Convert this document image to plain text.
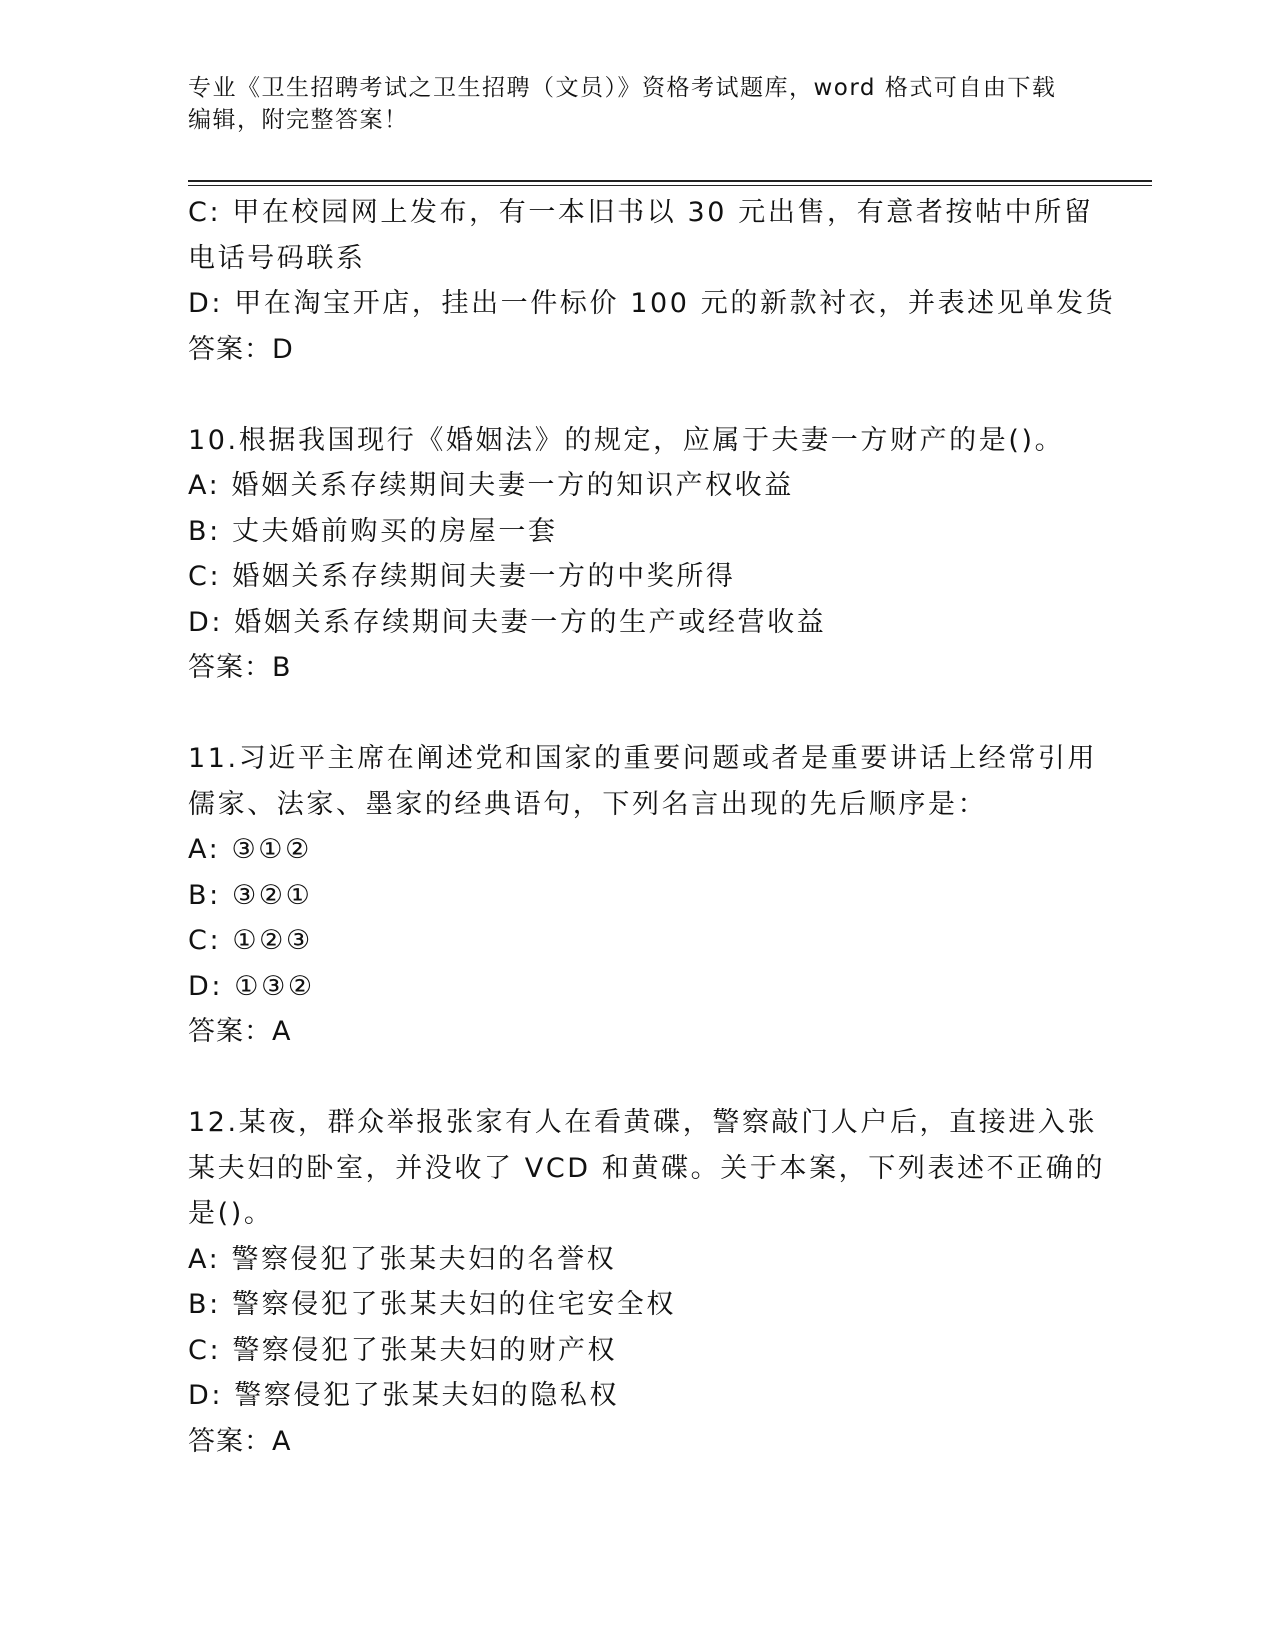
专业《卫生招聘考试之卫生招聘（文员）》资格考试题库，word 格式可自由下载
编辑，附完整答案！
C: 甲在校园网上发布，有一本旧书以 30 元出售，有意者按帖中所留
电话号码联系
D: 甲在淘宝开店，挂出一件标价 100 元的新款衬衣，并表述见单发货
答案：D
10.根据我国现行《婚姻法》的规定，应属于夫妻一方财产的是()。
A: 婚姻关系存续期间夫妻一方的知识产权收益
B: 丈夫婚前购买的房屋一套
C: 婚姻关系存续期间夫妻一方的中奖所得
D: 婚姻关系存续期间夫妻一方的生产或经营收益
答案：B
11.习近平主席在阐述党和国家的重要问题或者是重要讲话上经常引用
儒家、法家、墨家的经典语句，下列名言出现的先后顺序是：
A: ③①②
B: ③②①
C: ①②③
D: ①③②
答案：A
12.某夜，群众举报张家有人在看黄碟，警察敲门人户后，直接进入张
某夫妇的卧室，并没收了 VCD 和黄碟。关于本案，下列表述不正确的
是()。
A: 警察侵犯了张某夫妇的名誉权
B: 警察侵犯了张某夫妇的住宅安全权
C: 警察侵犯了张某夫妇的财产权
D: 警察侵犯了张某夫妇的隐私权
答案：A
